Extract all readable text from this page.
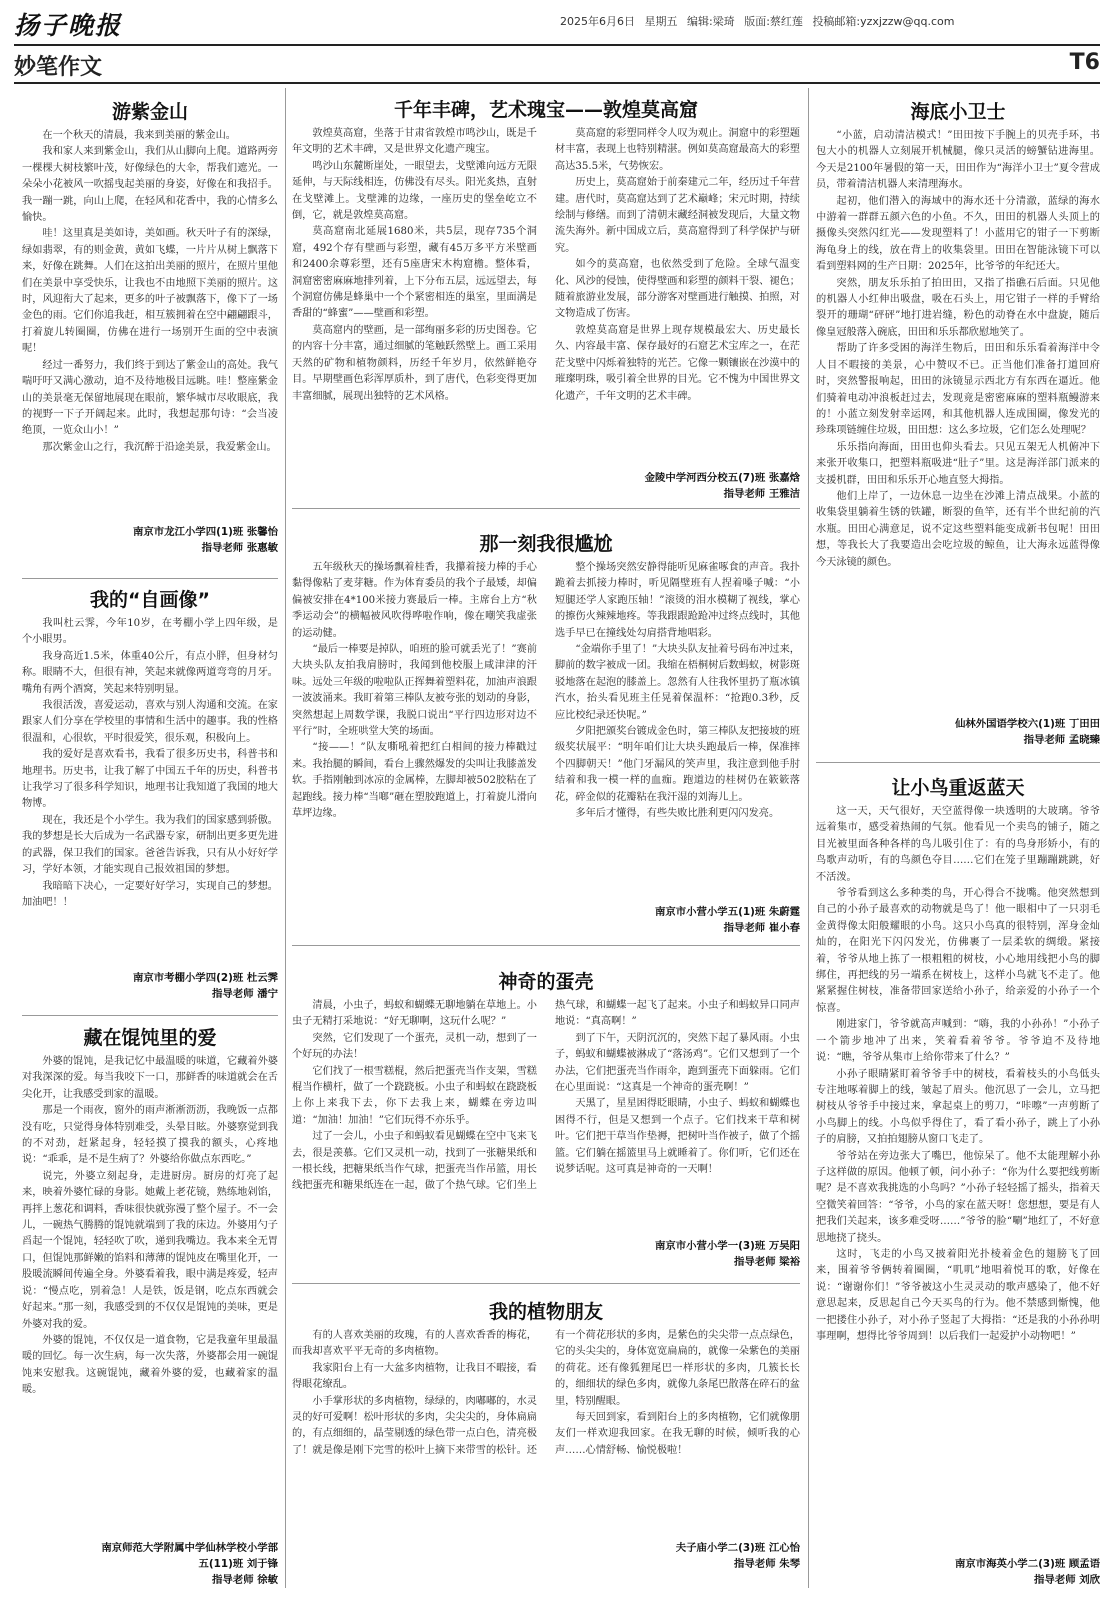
扬子晚报	2025年6月6日 星期五 编辑:梁琦 版面:蔡红莲 投稿邮箱:yzxjzzw@qq.com
妙笔作文	T6
游紫金山

在一个秋天的清晨，我来到美丽的紫金山。

我和家人来到紫金山，我们从山脚向上爬。道路两旁一棵棵大树枝繁叶茂，好像绿色的大伞，帮我们遮光。一朵朵小花被风一吹摇曳起美丽的身姿，好像在和我招手。我一蹦一跳，向山上爬，在轻风和花香中，我的心情多么愉快。

哇！这里真是美如诗，美如画。秋天叶子有的深绿，绿如翡翠，有的则金黄，黄如飞蝶，一片片从树上飘落下来，好像在跳舞。人们在这拍出美丽的照片，在照片里他们在美景中享受快乐，让我也不由地照下美丽的照片。这时，风迎衔大了起来，更多的叶子被飘落下，像下了一场金色的雨。它们你追我赶，相互簇拥着在空中翩翩跟斗，打着旋儿转圈圈，仿佛在进行一场别开生面的空中表演呢！

经过一番努力，我们终于到达了紫金山的高处。我气喘吁吁又满心激动，迫不及待地极目远眺。哇！整座紫金山的美景毫无保留地展现在眼前，繁华城市尽收眼底，我的视野一下子开阔起来。此时，我想起那句诗：“会当凌绝顶，一览众山小！”

那次紫金山之行，我沉醉于沿途美景，我爱紫金山。

南京市龙江小学四(1)班 张馨怡
指导老师 张惠敏
我的“自画像”

我叫杜云霁，今年10岁，在考棚小学上四年级，是个小眼男。

我身高近1.5米，体重40公斤，有点小胖，但身材匀称。眼睛不大，但很有神，笑起来就像两道弯弯的月牙。嘴角有两个酒窝，笑起来特别明显。

我很活泼，喜爱运动，喜欢与别人沟通和交流。在家跟家人们分享在学校里的事情和生活中的趣事。我的性格很温和，心很软，平时很爱笑，很乐观，积极向上。

我的爱好是喜欢看书，我看了很多历史书，科普书和地理书。历史书，让我了解了中国五千年的历史，科普书让我学习了很多科学知识，地理书让我知道了我国的地大物博。

现在，我还是个小学生。我为我们的国家感到骄傲。我的梦想是长大后成为一名武器专家，研制出更多更先进的武器，保卫我们的国家。爸爸告诉我，只有从小好好学习，学好本领，才能实现自己报效祖国的梦想。

我暗暗下决心，一定要好好学习，实现自己的梦想。加油吧！！

南京市考棚小学四(2)班 杜云霁
指导老师 潘宁
藏在馄饨里的爱

外婆的馄饨，是我记忆中最温暖的味道，它藏着外婆对我深深的爱。每当我咬下一口，那鲜香的味道就会在舌尖化开，让我感受到家的温暖。

那是一个雨夜，窗外的雨声淅淅沥沥，我晚饭一点都没有吃，只觉得身体特别难受，头晕目眩。外婆察觉到我的不对劲，赶紧起身，轻轻摸了摸我的额头，心疼地说：“乖乖，是不是生病了？外婆给你做点东西吃。”

说完，外婆立刻起身，走进厨房。厨房的灯亮了起来，映着外婆忙碌的身影。她戴上老花镜，熟练地剁馅，再拌上葱花和调料，香味很快就弥漫了整个屋子。不一会儿，一碗热气腾腾的馄饨就端到了我的床边。外婆用勺子舀起一个馄饨，轻轻吹了吹，递到我嘴边。我本来全无胃口，但馄饨那鲜嫩的馅料和薄薄的馄饨皮在嘴里化开，一股暖流瞬间传遍全身。外婆看着我，眼中满是疼爱，轻声说：“慢点吃，别着急！人是铁，饭是钢，吃点东西就会好起来。”那一刻，我感受到的不仅仅是馄饨的美味，更是外婆对我的爱。

外婆的馄饨，不仅仅是一道食物，它是我童年里最温暖的回忆。每一次生病，每一次失落，外婆都会用一碗馄饨来安慰我。这碗馄饨，藏着外婆的爱，也藏着家的温暖。

南京师范大学附属中学仙林学校小学部
五(11)班 刘于锋
指导老师 徐敏
千年丰碑，艺术瑰宝——敦煌莫高窟

敦煌莫高窟，坐落于甘肃省敦煌市鸣沙山，既是千年文明的艺术丰碑，又是世界文化遗产瑰宝。

鸣沙山东麓断崖处，一眼望去，戈壁滩向远方无限延伸，与天际线相连，仿佛没有尽头。阳光炙热，直射在戈壁滩上。戈壁滩的边缘，一座历史的堡垒屹立不倒，它，就是敦煌莫高窟。

莫高窟南北延展1680米，共5层，现存735个洞窟，492个存有壁画与彩塑，藏有45万多平方米壁画和2400余尊彩塑，还有5座唐宋木构窟檐。整体看，洞窟密密麻麻地排列着，上下分布五层，远远望去，每个洞窟仿佛是蜂巢中一个个紧密相连的巢室，里面满是香甜的“蜂蜜”——壁画和彩塑。

莫高窟内的壁画，是一部绚丽多彩的历史图卷。它的内容十分丰富，通过细腻的笔触跃然壁上。画工采用天然的矿物和植物颜料，历经千年岁月，依然鲜艳夺目。早期壁画色彩浑厚质朴，到了唐代，色彩变得更加丰富细腻，展现出独特的艺术风格。

莫高窟的彩塑同样令人叹为观止。洞窟中的彩塑题材丰富，表现上也特别精湛。例如莫高窟最高大的彩塑高达35.5米，气势恢宏。

历史上，莫高窟始于前秦建元二年，经历过千年营建。唐代时，莫高窟达到了艺术巅峰；宋元时期，持续绘制与修缮。而到了清朝末藏经洞被发现后，大量文物流失海外。新中国成立后，莫高窟得到了科学保护与研究。

如今的莫高窟，也依然受到了危险。全球气温变化、风沙的侵蚀，使得壁画和彩塑的颜料干裂、褪色；随着旅游业发展，部分游客对壁画进行触摸、拍照，对文物造成了伤害。

敦煌莫高窟是世界上现存规模最宏大、历史最长久、内容最丰富、保存最好的石窟艺术宝库之一，在茫茫戈壁中闪烁着独特的光芒。它像一颗镶嵌在沙漠中的璀璨明珠，吸引着全世界的目光。它不愧为中国世界文化遗产，千年文明的艺术丰碑。

金陵中学河西分校五(7)班 张嘉焓
指导老师 王雅洁
那一刻我很尴尬

五年级秋天的操场飘着桂香，我攥着接力棒的手心黏得像粘了麦芽糖。作为体育委员的我个子最矮，却偏偏被安排在4*100米接力赛最后一棒。主席台上方“秋季运动会”的横幅被风吹得哗啦作响，像在嘲笑我虚张的运动健。

“最后一棒要是掉队，咱班的脸可就丢光了！”赛前大块头队友拍我肩膀时，我闻到他校服上咸津津的汗味。远处三年级的啦啦队正挥舞着塑料花，加油声浪跟一波波涌来。我盯着第三棒队友被夸张的划动的身影，突然想起上周数学课，我脱口说出“平行四边形对边不平行”时，全班哄堂大笑的场面。

“接——！”队友嘶吼着把红白相间的接力棒戳过来。我抬腿的瞬间，看台上骤然爆发的尖叫让我膝盖发软。手指刚触到冰凉的金属棒，左脚却被502胶粘在了起跑线。接力棒“当啷”砸在塑胶跑道上，打着旋儿滑向草坪边缘。

整个操场突然安静得能听见麻雀啄食的声音。我扑跪着去抓接力棒时，听见隔壁班有人捏着嗓子喊：“小短腿还学人家跑压轴！”滚烫的泪水模糊了视线，掌心的擦伤火辣辣地疼。等我跟跟跄跄冲过终点线时，其他选手早已在撞线处勾肩搭背地唱彩。

“金端你手里了！”大块头队友扯着号码布冲过来，脚前的数字被成一团。我缩在梧桐树后数蚂蚁，树影斑驳地落在起泡的膝盖上。忽然有人往我怀里扔了瓶冰镇汽水，抬头看见班主任晃着保温杯：“抢跑0.3秒，反应比校纪录还快呢。”

夕阳把颁奖台镀成金色时，第三棒队友把接坡的班级奖状展平：“明年咱们让大块头跑最后一棒，保准摔个四脚朝天！”他门牙漏风的笑声里，我注意到他手肘结着和我一模一样的血痂。跑道边的桂树仍在簌簌落花，碎金似的花瓣粘在我汗湿的刘海儿上。

多年后才懂得，有些失败比胜利更闪闪发亮。

南京市小营小学五(1)班 朱蔚霆
指导老师 崔小春
神奇的蛋壳

清晨，小虫子，蚂蚁和蝴蝶无聊地躺在草地上。小虫子无精打采地说：“好无聊啊，这玩什么呢？”

突然，它们发现了一个蛋壳，灵机一动，想到了一个好玩的办法！

它们找了一根雪糕棍，然后把蛋壳当作支架，雪糕棍当作横杆，做了一个跷跷板。小虫子和蚂蚁在跷跷板上你上来我下去，你下去我上来，蝴蝶在旁边叫道：“加油！加油！”它们玩得不亦乐乎。

过了一会儿，小虫子和蚂蚁看见蝴蝶在空中飞来飞去，很是羡慕。它们又灵机一动，找到了一张糖果纸和一根长线，把糖果纸当作气球，把蛋壳当作吊篮，用长线把蛋壳和糖果纸连在一起，做了个热气球。它们坐上热气球，和蝴蝶一起飞了起来。小虫子和蚂蚁异口同声地说：“真高啊！”

到了下午，天阴沉沉的，突然下起了暴风雨。小虫子，蚂蚁和蝴蝶被淋成了“落汤鸡”。它们又想到了一个办法，它们把蛋壳当作雨伞，跑到蛋壳下面躲雨。它们在心里面说：“这真是一个神奇的蛋壳啊！”

天黑了，星星困得眨眼睛，小虫子、蚂蚁和蝴蝶也困得不行，但是又想到一个点子。它们找来干草和树叶。它们把干草当作垫褥，把树叶当作被子，做了个摇篮。它们躺在摇篮里马上就睡着了。你们听，它们还在说梦话呢。这可真是神奇的一天啊！

南京市小营小学一(3)班 万吴阳
指导老师 梁裕
我的植物朋友

有的人喜欢美丽的玫瑰，有的人喜欢香香的梅花，而我却喜欢平平无奇的多肉植物。

我家阳台上有一大盆多肉植物，让我目不暇接，看得眼花缭乱。

小手掌形状的多肉植物，绿绿的，肉嘟嘟的，水灵灵的好可爱啊！松叶形状的多肉，尖尖尖的，身体扁扁的，有点细细的，晶莹剔透的绿色带一点白色，清亮极了！就是像是刚下完雪的松叶上摘下来带雪的松针。还有一个荷花形状的多肉，是紫色的尖尖带一点点绿色，它的头尖尖的，身体宽宽扁扁的，就像一朵紫色的美丽的荷花。还有像狐狸尾巴一样形状的多肉，几簇长长的，细细状的绿色多肉，就像九条尾巴散落在碎石的盆里，特别醒眼。

每天回到家，看到阳台上的多肉植物，它们就像朋友们一样欢迎我回家。在我无聊的时候，倾听我的心声……心情舒畅、愉悦极啦！

夫子庙小学二(3)班 江心怡
指导老师 朱琴
海底小卫士

“小蓝，启动清洁模式！”田田按下手腕上的贝壳手环，书包大小的机器人立刻展开机械腿，像只灵活的螃蟹钻进海里。今天是2100年暑假的第一天，田田作为“海洋小卫士”夏令营成员，带着清洁机器人来清理海水。

起初，他们潜入的海域中的海水还十分清澈，蓝绿的海水中游着一群群五颜六色的小鱼。不久，田田的机器人头顶上的摄像头突然闪红光——发现塑料了！小蓝用它的钳子一下剪断海龟身上的线，放在背上的收集袋里。田田在智能泳镜下可以看到塑料网的生产日期：2025年，比爷爷的年纪还大。

突然，朋友乐乐拍了拍田田，又指了指礁石后面。只见他的机器人小红伸出吸盘，吸在石头上，用它钳子一样的手臂给裂开的珊瑚“砰砰”地打进岩缝，粉色的动脊在水中盘旋，随后像皇冠般落入碗底，田田和乐乐都欣慰地笑了。

帮助了许多受困的海洋生物后，田田和乐乐看着海洋中令人目不暇接的美景，心中赞叹不已。正当他们准备打道回府时，突然警报响起，田田的泳镜显示西北方有东西在逼近。他们骑着电动冲浪板赶过去，发现竟是密密麻麻的塑料瓶鳗游来的！小蓝立刻发射幸运网，和其他机器人连成围圈，像发光的珍珠项链缠住垃圾，田田想：这么多垃圾，它们怎么处理呢？

乐乐指向海面，田田也仰头看去。只见五架无人机俯冲下来张开收集口，把塑料瓶吸进“肚子”里。这是海洋部门派来的支援机群，田田和乐乐开心地直竖大拇指。

他们上岸了，一边休息一边坐在沙滩上清点战果。小蓝的收集袋里躺着生锈的铁罐，断裂的鱼竿，还有半个世纪前的汽水瓶。田田心满意足，说不定这些塑料能变成新书包呢！田田想，等我长大了我要造出会吃垃圾的鲸鱼，让大海永远蓝得像今天泳镜的颜色。

仙林外国语学校六(1)班 丁田田
指导老师 孟晓臻
让小鸟重返蓝天

这一天，天气很好，天空蓝得像一块透明的大玻璃。爷爷远着集市，感受着热闹的气氛。他看见一个卖鸟的铺子，随之目光被里面各种各样的鸟儿吸引住了：有的鸟身形娇小，有的鸟歌声动听，有的鸟颜色夺目……它们在笼子里蹦蹦跳跳，好不活泼。

爷爷看到这么多种类的鸟，开心得合不拢嘴。他突然想到自己的小孙子最喜欢的动物就是鸟了！他一眼相中了一只羽毛金黄得像太阳般耀眼的小鸟。这只小鸟真的很特别，浑身金灿灿的，在阳光下闪闪发光，仿佛裹了一层柔软的绸缎。紧接着，爷爷从地上拣了一根粗粗的树枝，小心地用线把小鸟的脚绑住，再把线的另一端系在树枝上，这样小鸟就飞不走了。他紧紧握住树枝，准备带回家送给小孙子，给亲爱的小孙子一个惊喜。

刚进家门，爷爷就高声喊到：“嗨，我的小孙孙！”小孙子一个箭步地冲了出来，笑着看着爷爷。爷爷迫不及待地说：“瞧，爷爷从集市上给你带来了什么？”

小孙子眼睛紧盯着爷爷手中的树枝，看着枝头的小鸟低头专注地啄着脚上的线，皱起了眉头。他沉思了一会儿，立马把树枝从爷爷手中接过来，拿起桌上的剪刀，“咔嚓”一声剪断了小鸟脚上的线。小鸟似乎得住了，看了看小孙子，跳上了小孙子的肩膀，又拍拍翅膀从窗口飞走了。

爷爷站在旁边张大了嘴巴，他惊呆了。他不太能理解小孙子这样做的原因。他顿了顿，问小孙子：“你为什么要把线剪断呢？是不喜欢我挑选的小鸟吗？”小孙子轻轻摇了摇头，指着天空微笑着回答：“爷爷，小鸟的家在蓝天呀！您想想，要是有人把我们关起来，该多难受呀……”爷爷的脸“唰”地红了，不好意思地挠了挠头。

这时，飞走的小鸟又披着阳光扑棱着金色的翅膀飞了回来，围着爷爷俩转着圈圈，“叽叽”地唱着悦耳的歌，好像在说：“谢谢你们！”爷爷被这小生灵灵动的歌声感染了，他不好意思起来，反思起自己今天买鸟的行为。他不禁感到惭愧，他一把搂住小孙子，对小孙子竖起了大拇指：“还是我的小孙孙明事理啊，想得比爷爷周到！以后我们一起爱护小动物吧！”

南京市海英小学二(3)班 顾孟语
指导老师 刘欣
